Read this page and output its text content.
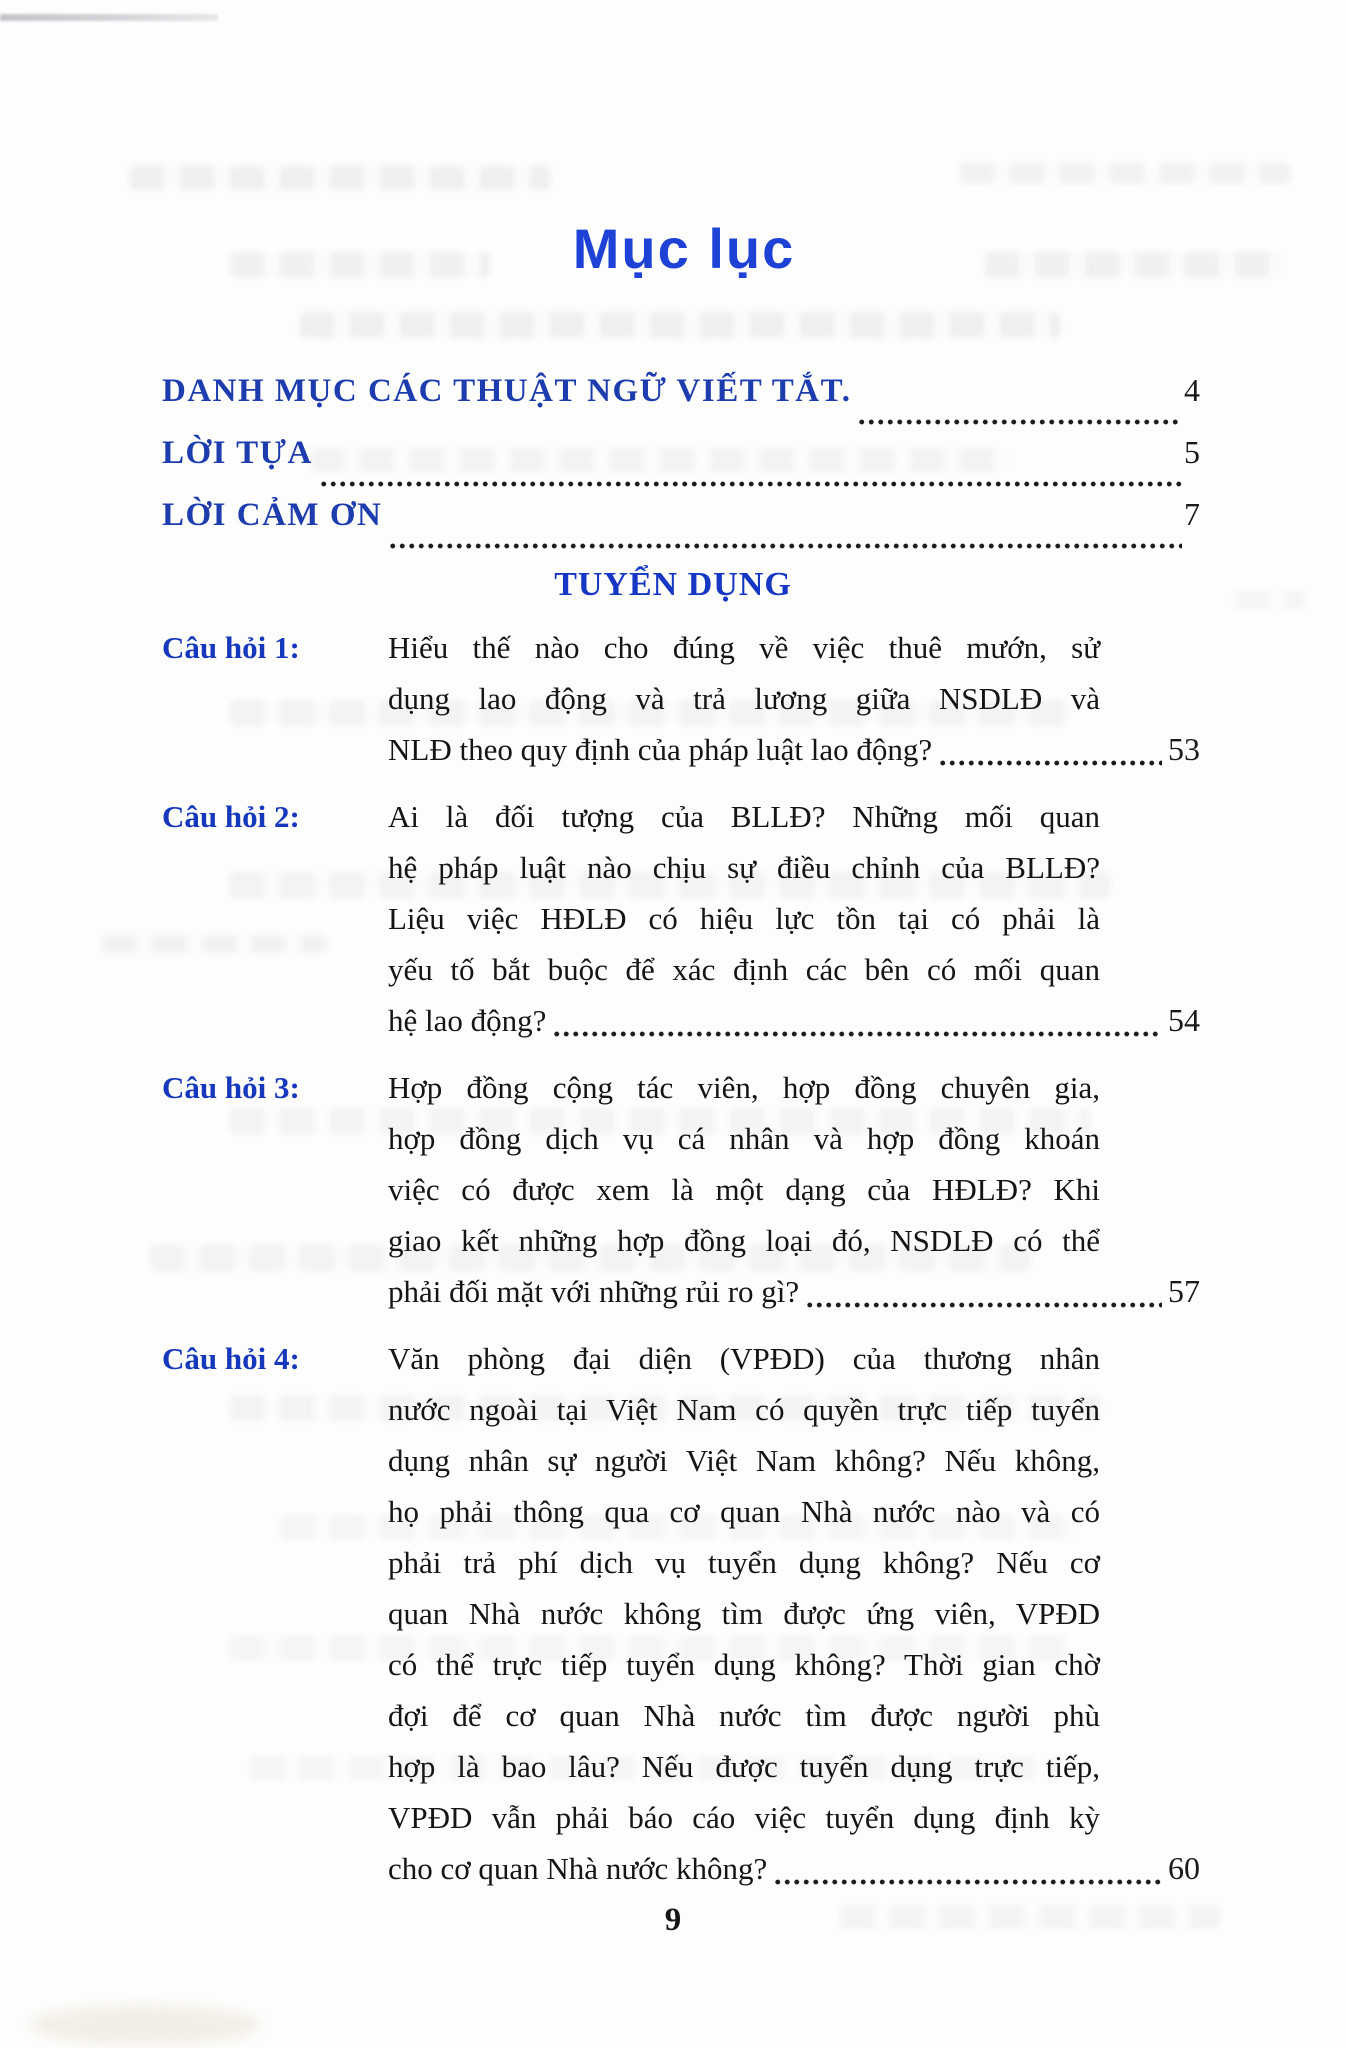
Mục lục
DANH MỤC CÁC THUẬT NGỮ VIẾT TẮT.	4
LỜI TỰA	5
LỜI CẢM ƠN	7
TUYỂN DỤNG
Câu hỏi 1:	Hiểu thế nào cho đúng về việc thuê mướn, sử
dụng lao động và trả lương giữa NSDLĐ và
NLĐ theo quy định của pháp luật lao động?	53
Câu hỏi 2:	Ai là đối tượng của BLLĐ? Những mối quan
hệ pháp luật nào chịu sự điều chỉnh của BLLĐ?
Liệu việc HĐLĐ có hiệu lực tồn tại có phải là
yếu tố bắt buộc để xác định các bên có mối quan
hệ lao động?	54
Câu hỏi 3:	Hợp đồng cộng tác viên, hợp đồng chuyên gia,
hợp đồng dịch vụ cá nhân và hợp đồng khoán
việc có được xem là một dạng của HĐLĐ? Khi
giao kết những hợp đồng loại đó, NSDLĐ có thể
phải đối mặt với những rủi ro gì?	57
Câu hỏi 4:	Văn phòng đại diện (VPĐD) của thương nhân
nước ngoài tại Việt Nam có quyền trực tiếp tuyển
dụng nhân sự người Việt Nam không? Nếu không,
họ phải thông qua cơ quan Nhà nước nào và có
phải trả phí dịch vụ tuyển dụng không? Nếu cơ
quan Nhà nước không tìm được ứng viên, VPĐD
có thể trực tiếp tuyển dụng không? Thời gian chờ
đợi để cơ quan Nhà nước tìm được người phù
hợp là bao lâu? Nếu được tuyển dụng trực tiếp,
VPĐD vẫn phải báo cáo việc tuyển dụng định kỳ
cho cơ quan Nhà nước không?	60
9
